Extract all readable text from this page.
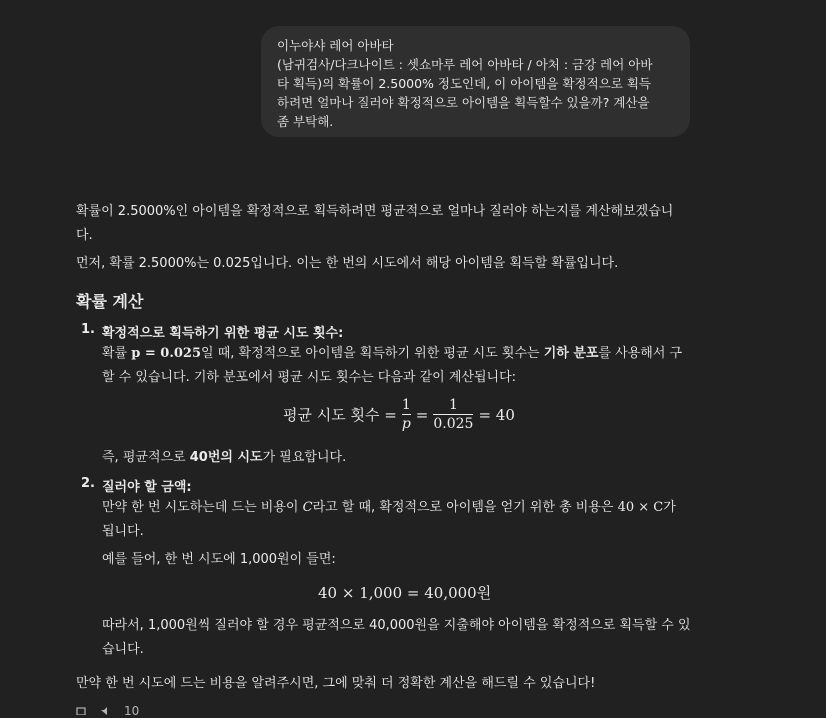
이누야샤 레어 아바타

(남귀검사/다크나이트 : 셋쇼마루 레어 아바타 / 아처 : 금강 레어 아바

타 획득)의 확률이 2.5000% 정도인데, 이 아이템을 확정적으로 획득

하려면 얼마나 질러야 확정적으로 아이템을 획득할수 있을까? 계산을

좀 부탁해.

확률이 2.5000%인 아이템을 확정적으로 획득하려면 평균적으로 얼마나 질러야 하는지를 계산해보겠습니다.

먼저, 확률 2.5000%는 0.025입니다. 이는 한 번의 시도에서 해당 아이템을 획득할 확률입니다.

확률 계산
1. 확정적으로 획득하기 위한 평균 시도 횟수:
확률 p = 0.025일 때, 확정적으로 아이템을 획득하기 위한 평균 시도 횟수는 기하 분포를 사용해서 구할 수 있습니다. 기하 분포에서 평균 시도 횟수는 다음과 같이 계산됩니다:
평균 시도 횟수 = $\frac{1}{p} = \frac{1}{0.025} = 40$
즉, 평균적으로 40번의 시도가 필요합니다.
2. 질러야 할 금액:
만약 한 번 시도하는데 드는 비용이 C라고 할 때, 확정적으로 아이템을 얻기 위한 총 비용은 40 × C가 됩니다.
예를 들어, 한 번 시도에 1,000원이 들면:
40 × 1,000 = 40,000원
따라서, 1,000원씩 질러야 할 경우 평균적으로 40,000원을 지출해야 아이템을 확정적으로 획득할 수 있습니다.
만약 한 번 시도에 드는 비용을 알려주시면, 그에 맞춰 더 정확한 계산을 해드릴 수 있습니다!
10
